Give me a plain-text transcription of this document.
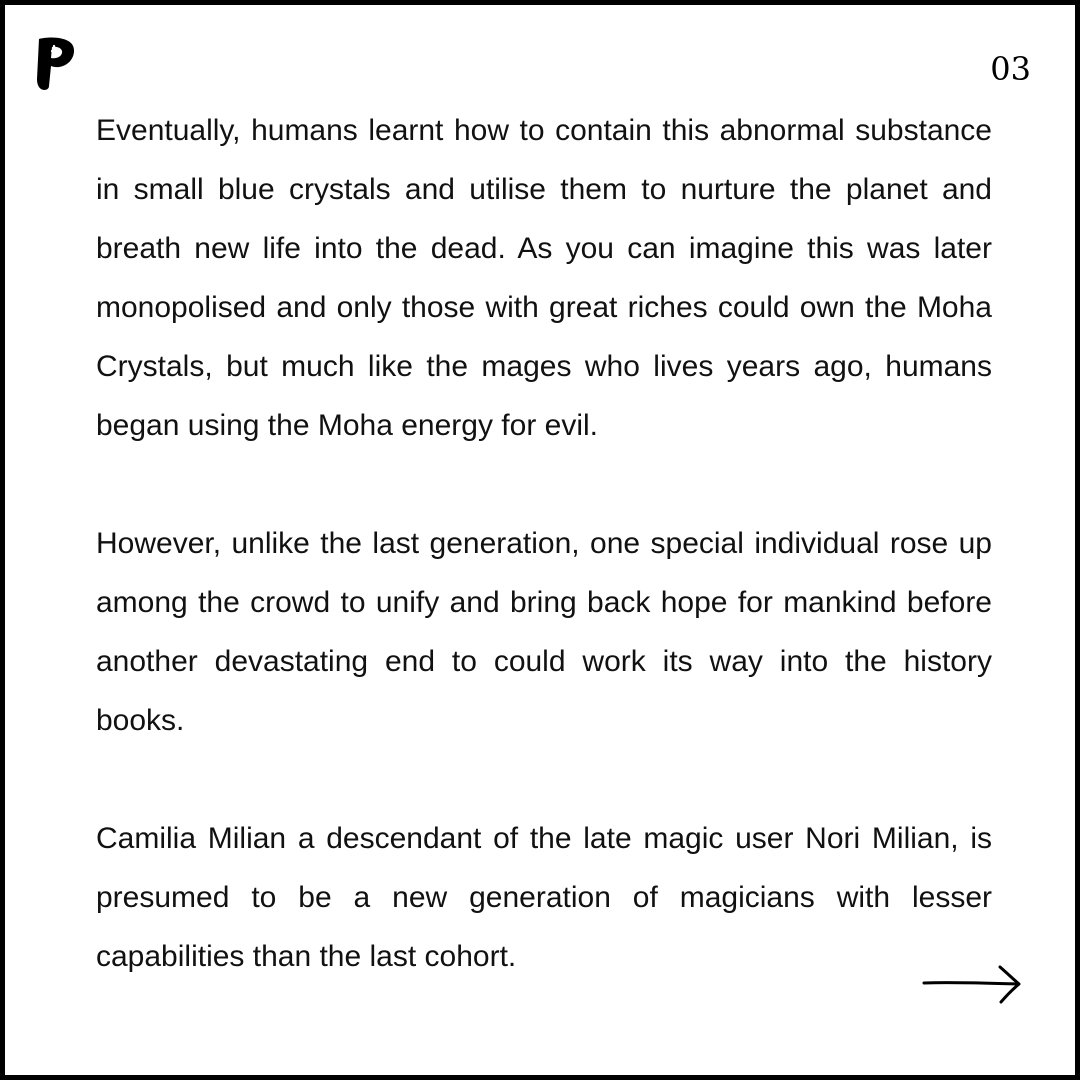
03

Eventually, humans learnt how to contain this abnormal substance in small blue crystals and utilise them to nurture the planet and breath new life into the dead. As you can imagine this was later monopolised and only those with great riches could own the Moha Crystals, but much like the mages who lives years ago, humans began using the Moha energy for evil.

However, unlike the last generation, one special individual rose up among the crowd to unify and bring back hope for mankind before another devastating end to could work its way into the history books.

Camilia Milian a descendant of the late magic user Nori Milian, is presumed to be a new generation of magicians with lesser capabilities than the last cohort.
